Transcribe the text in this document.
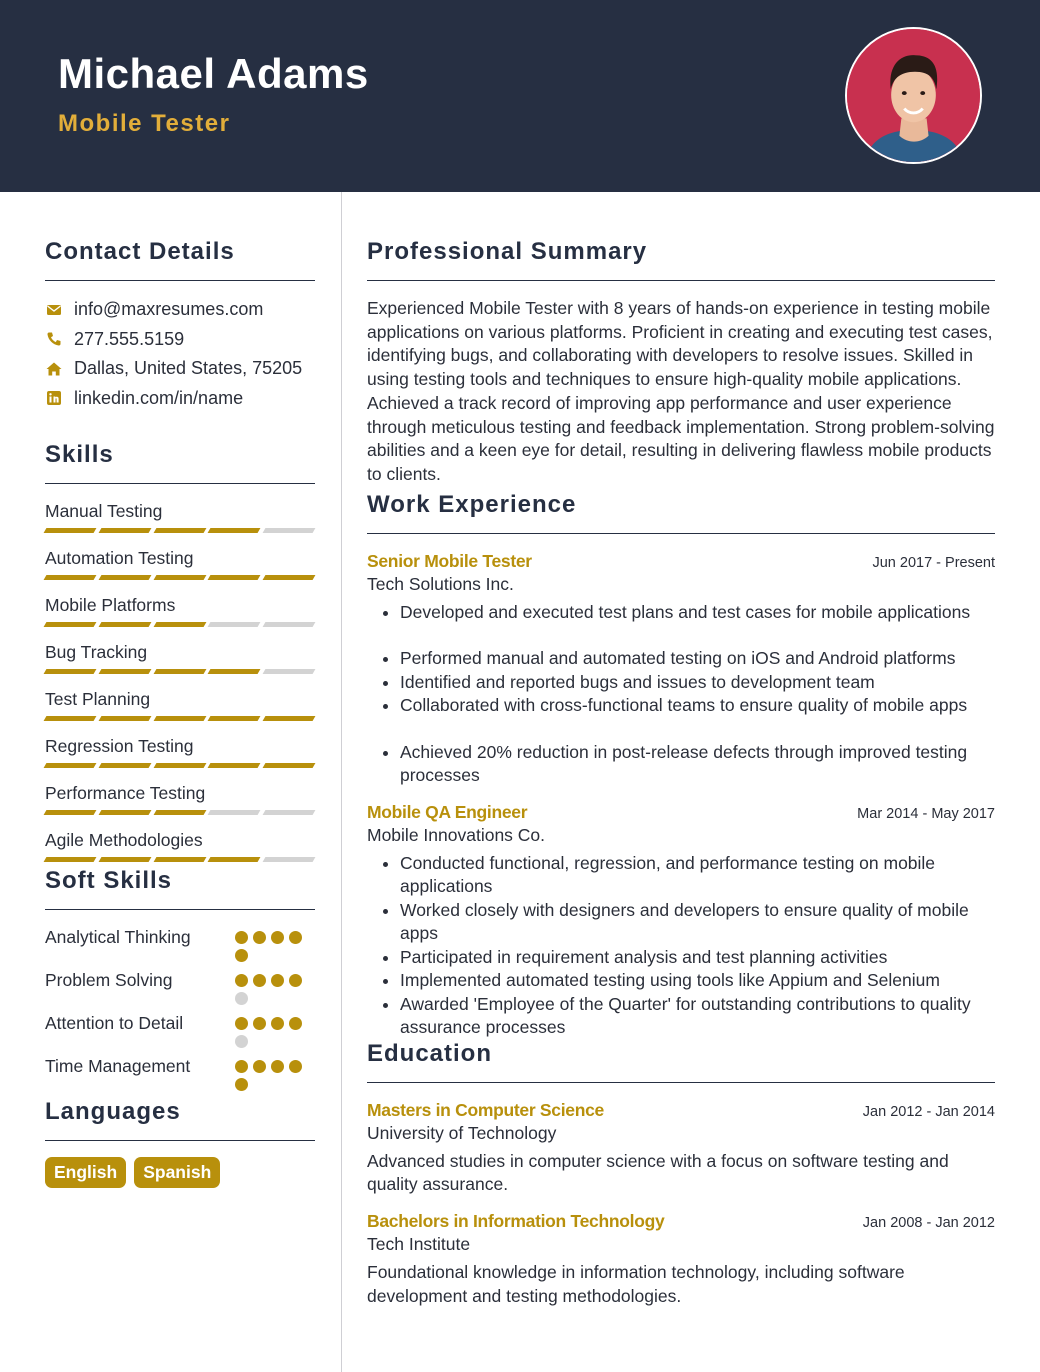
Michael Adams
Mobile Tester
Contact Details
info@maxresumes.com
277.555.5159
Dallas, United States, 75205
linkedin.com/in/name
Skills
Manual Testing
Automation Testing
Mobile Platforms
Bug Tracking
Test Planning
Regression Testing
Performance Testing
Agile Methodologies
Soft Skills
Analytical Thinking
Problem Solving
Attention to Detail
Time Management
Languages
English	Spanish
Professional Summary
Experienced Mobile Tester with 8 years of hands-on experience in testing mobile applications on various platforms. Proficient in creating and executing test cases, identifying bugs, and collaborating with developers to resolve issues. Skilled in using testing tools and techniques to ensure high-quality mobile applications. Achieved a track record of improving app performance and user experience through meticulous testing and feedback implementation. Strong problem-solving abilities and a keen eye for detail, resulting in delivering flawless mobile products to clients.
Work Experience
Senior Mobile Tester	Jun 2017 - Present
Tech Solutions Inc.
• Developed and executed test plans and test cases for mobile applications
• Performed manual and automated testing on iOS and Android platforms
• Identified and reported bugs and issues to development team
• Collaborated with cross-functional teams to ensure quality of mobile apps
• Achieved 20% reduction in post-release defects through improved testing processes
Mobile QA Engineer	Mar 2014 - May 2017
Mobile Innovations Co.
• Conducted functional, regression, and performance testing on mobile applications
• Worked closely with designers and developers to ensure quality of mobile apps
• Participated in requirement analysis and test planning activities
• Implemented automated testing using tools like Appium and Selenium
• Awarded 'Employee of the Quarter' for outstanding contributions to quality assurance processes
Education
Masters in Computer Science	Jan 2012 - Jan 2014
University of Technology
Advanced studies in computer science with a focus on software testing and quality assurance.
Bachelors in Information Technology	Jan 2008 - Jan 2012
Tech Institute
Foundational knowledge in information technology, including software development and testing methodologies.
